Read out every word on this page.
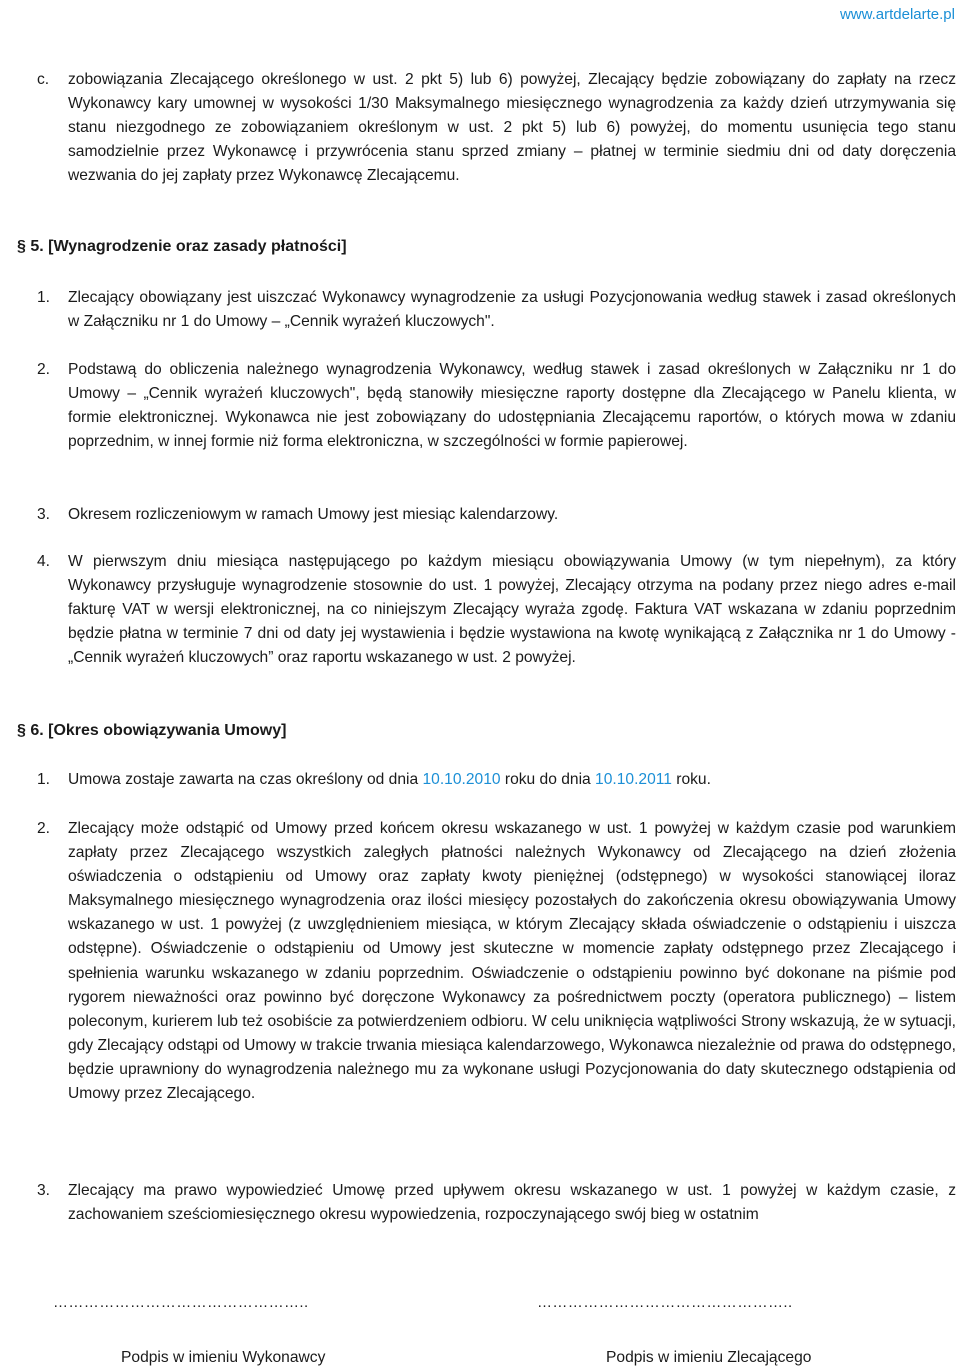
www.artdelarte.pl
c. zobowiązania Zlecającego określonego w ust. 2 pkt 5) lub 6) powyżej, Zlecający będzie zobowiązany do zapłaty na rzecz Wykonawcy kary umownej w wysokości 1/30 Maksymalnego miesięcznego wynagrodzenia za każdy dzień utrzymywania się stanu niezgodnego ze zobowiązaniem określonym w ust. 2 pkt 5) lub 6) powyżej, do momentu usunięcia tego stanu samodzielnie przez Wykonawcę i przywrócenia stanu sprzed zmiany – płatnej w terminie siedmiu dni od daty doręczenia wezwania do jej zapłaty przez Wykonawcę Zlecającemu.
§ 5. [Wynagrodzenie oraz zasady płatności]
1. Zlecający obowiązany jest uiszczać Wykonawcy wynagrodzenie za usługi Pozycjonowania według stawek i zasad określonych w Załączniku nr 1 do Umowy – „Cennik wyrażeń kluczowych".
2. Podstawą do obliczenia należnego wynagrodzenia Wykonawcy, według stawek i zasad określonych w Załączniku nr 1 do Umowy – „Cennik wyrażeń kluczowych", będą stanowiły miesięczne raporty dostępne dla Zlecającego w Panelu klienta, w formie elektronicznej. Wykonawca nie jest zobowiązany do udostępniania Zlecającemu raportów, o których mowa w zdaniu poprzednim, w innej formie niż forma elektroniczna, w szczególności w formie papierowej.
3. Okresem rozliczeniowym w ramach Umowy jest miesiąc kalendarzowy.
4. W pierwszym dniu miesiąca następującego po każdym miesiącu obowiązywania Umowy (w tym niepełnym), za który Wykonawcy przysługuje wynagrodzenie stosownie do ust. 1 powyżej, Zlecający otrzyma na podany przez niego adres e-mail fakturę VAT w wersji elektronicznej, na co niniejszym Zlecający wyraża zgodę. Faktura VAT wskazana w zdaniu poprzednim będzie płatna w terminie 7 dni od daty jej wystawienia i będzie wystawiona na kwotę wynikającą z Załącznika nr 1 do Umowy - „Cennik wyrażeń kluczowych” oraz raportu wskazanego w ust. 2 powyżej.
§ 6. [Okres obowiązywania Umowy]
1. Umowa zostaje zawarta na czas określony od dnia 10.10.2010 roku do dnia 10.10.2011 roku.
2. Zlecający może odstąpić od Umowy przed końcem okresu wskazanego w ust. 1 powyżej w każdym czasie pod warunkiem zapłaty przez Zlecającego wszystkich zaległych płatności należnych Wykonawcy od Zlecającego na dzień złożenia oświadczenia o odstąpieniu od Umowy oraz zapłaty kwoty pieniężnej (odstępnego) w wysokości stanowiącej iloraz Maksymalnego miesięcznego wynagrodzenia oraz ilości miesięcy pozostałych do zakończenia okresu obowiązywania Umowy wskazanego w ust. 1 powyżej (z uwzględnieniem miesiąca, w którym Zlecający składa oświadczenie o odstąpieniu i uiszcza odstępne). Oświadczenie o odstąpieniu od Umowy jest skuteczne w momencie zapłaty odstępnego przez Zlecającego i spełnienia warunku wskazanego w zdaniu poprzednim. Oświadczenie o odstąpieniu powinno być dokonane na piśmie pod rygorem nieważności oraz powinno być doręczone Wykonawcy za pośrednictwem poczty (operatora publicznego) – listem poleconym, kurierem lub też osobiście za potwierdzeniem odbioru. W celu uniknięcia wątpliwości Strony wskazują, że w sytuacji, gdy Zlecający odstąpi od Umowy w trakcie trwania miesiąca kalendarzowego, Wykonawca niezależnie od prawa do odstępnego, będzie uprawniony do wynagrodzenia należnego mu za wykonane usługi Pozycjonowania do daty skutecznego odstąpienia od Umowy przez Zlecającego.
3. Zlecający ma prawo wypowiedzieć Umowę przed upływem okresu wskazanego w ust. 1 powyżej w każdym czasie, z zachowaniem sześciomiesięcznego okresu wypowiedzenia, rozpoczynającego swój bieg w ostatnim
…………………………………………..	…………………………………………..
Podpis w imieniu Wykonawcy	Podpis w imieniu Zlecającego
